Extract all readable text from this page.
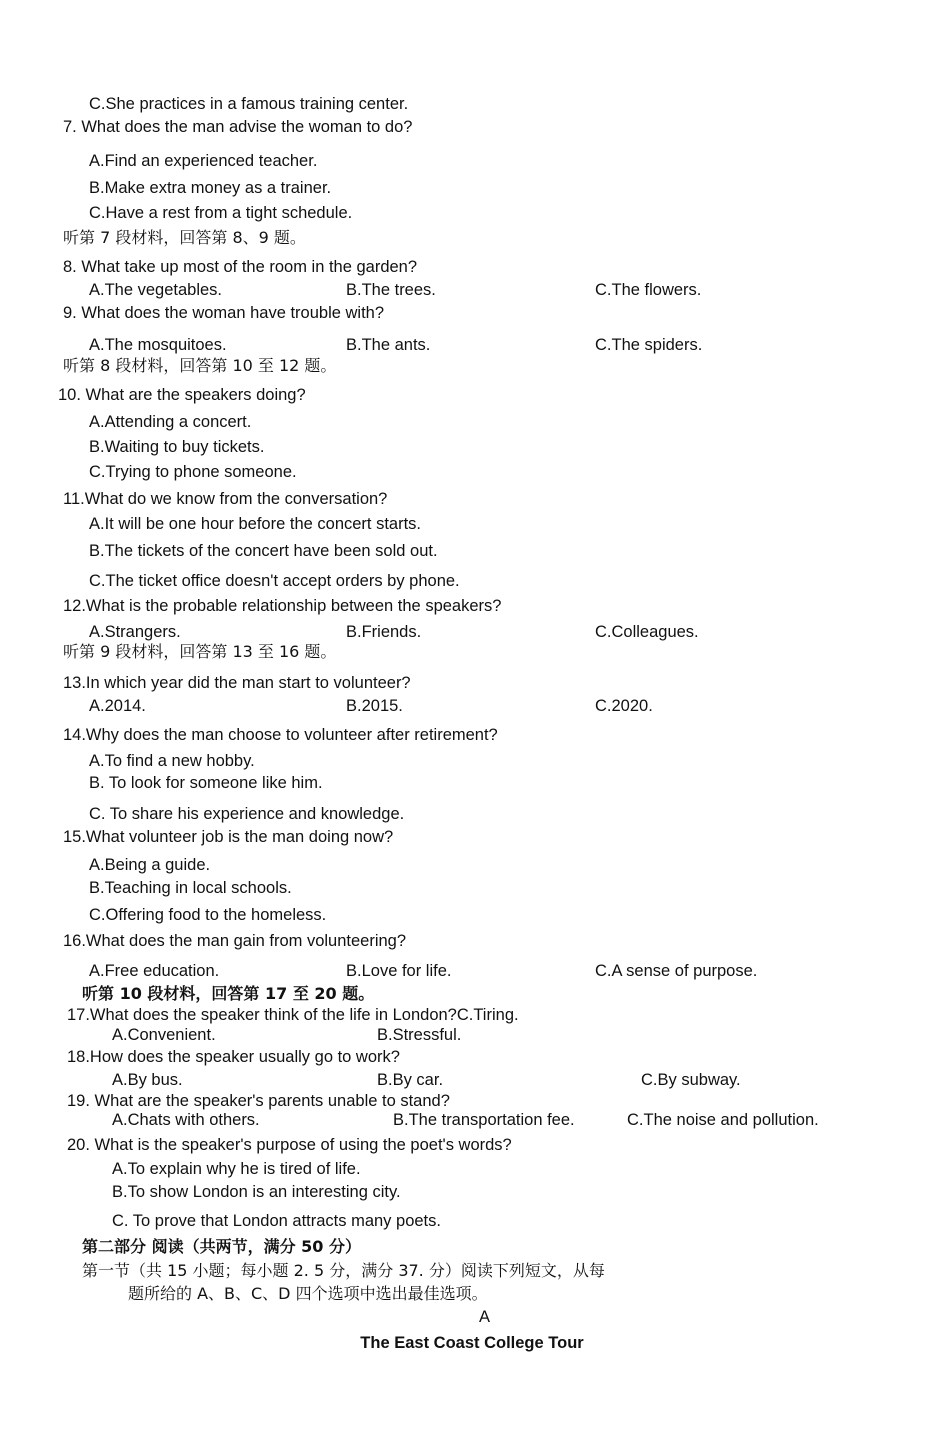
C.She practices in a famous training center.
7. What does the man advise the woman to do?
A.Find an experienced teacher.
B.Make extra money as a trainer.
C.Have a rest from a tight schedule.
听第 7 段材料，回答第 8、9 题。
8. What take up most of the room in the garden?
A.The vegetables.	B.The trees.	C.The flowers.
9. What does the woman have trouble with?
A.The mosquitoes.	B.The ants.	C.The spiders.
听第 8 段材料，回答第 10 至 12 题。
10. What are the speakers doing?
A.Attending a concert.
B.Waiting to buy tickets.
C.Trying to phone someone.
11.What do we know from the conversation?
A.It will be one hour before the concert starts.
B.The tickets of the concert have been sold out.
C.The ticket office doesn't accept orders by phone.
12.What is the probable relationship between the speakers?
A.Strangers.	B.Friends.	C.Colleagues.
听第 9 段材料，回答第 13 至 16 题。
13.In which year did the man start to volunteer?
A.2014.	B.2015.	C.2020.
14.Why does the man choose to volunteer after retirement?
A.To find a new hobby.
B. To look for someone like him.
C. To share his experience and knowledge.
15.What volunteer job is the man doing now?
A.Being a guide.
B.Teaching in local schools.
C.Offering food to the homeless.
16.What does the man gain from volunteering?
A.Free education.	B.Love for life.	C.A sense of purpose.
听第 10 段材料，回答第 17 至 20 题。
17.What does the speaker think of the life in London?C.Tiring.
A.Convenient.	B.Stressful.
18.How does the speaker usually go to work?
A.By bus.	B.By car.	C.By subway.
19. What are the speaker's parents unable to stand?
A.Chats with others.	B.The transportation fee.	C.The noise and pollution.
20. What is the speaker's purpose of using the poet's words?
A.To explain why he is tired of life.
B.To show London is an interesting city.
C. To prove that London attracts many poets.
第二部分 阅读（共两节，满分 50 分）
第一节（共 15 小题；每小题 2. 5 分，满分 37. 分）阅读下列短文，从每
题所给的 A、B、C、D 四个选项中选出最佳选项。
A
The East Coast College Tour
